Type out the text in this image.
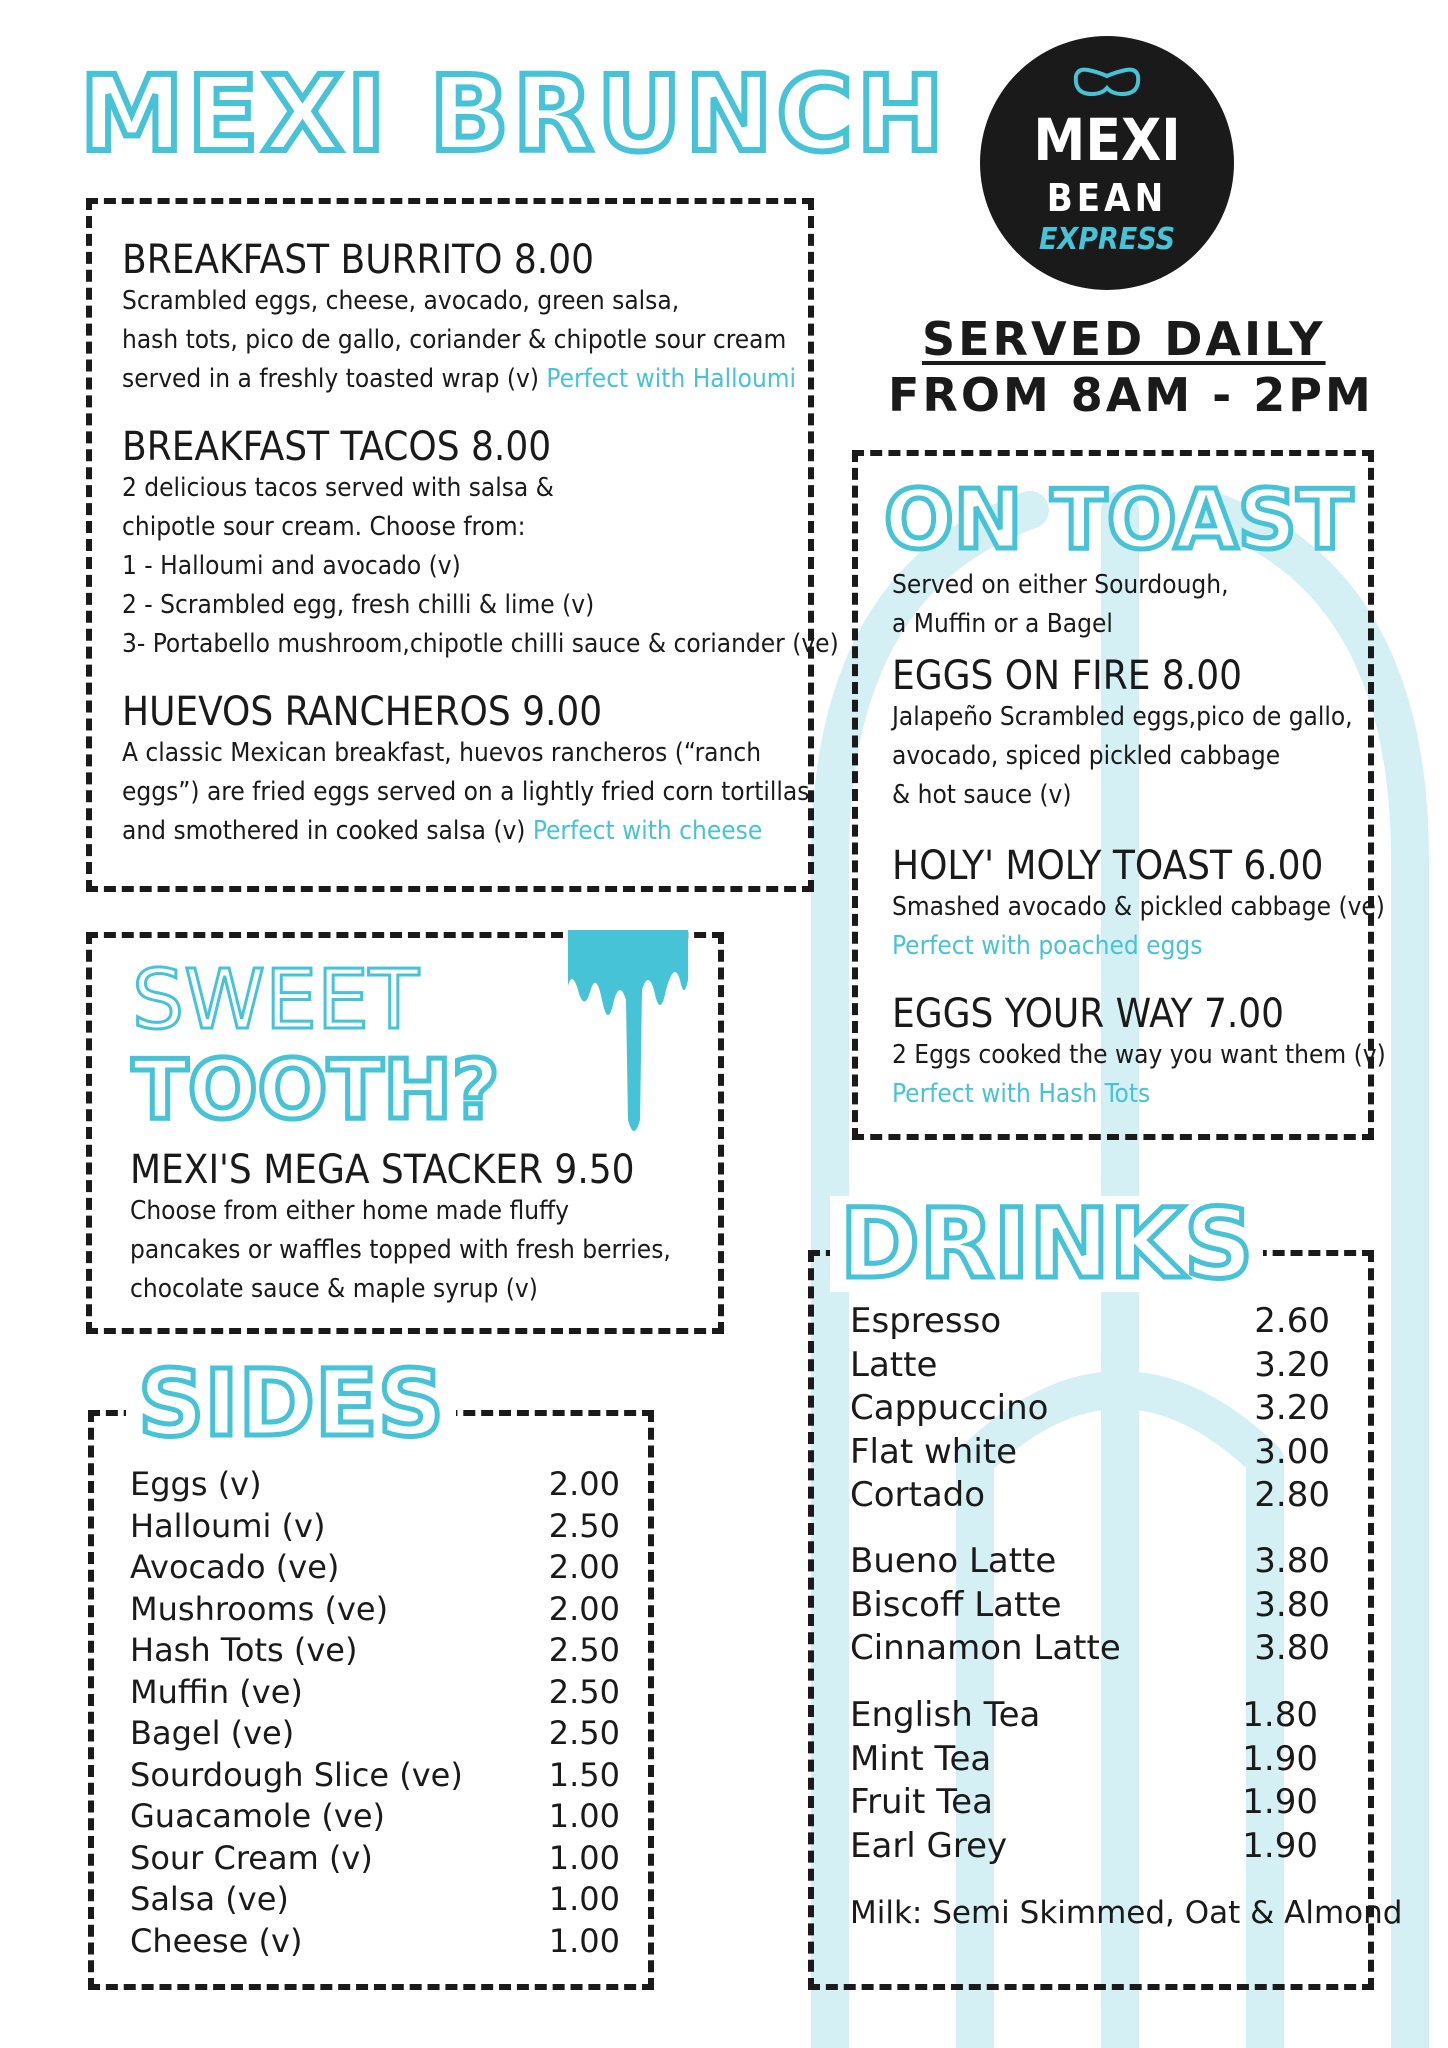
MEXI BRUNCH	MEXI
BEAN
EXPRESS
SERVED DAILY
FROM 8AM - 2PM
BREAKFAST BURRITO 8.00
Scrambled eggs, cheese, avocado, green salsa,
hash tots, pico de gallo, coriander & chipotle sour cream
served in a freshly toasted wrap (v) Perfect with Halloumi
BREAKFAST TACOS 8.00
2 delicious tacos served with salsa &
chipotle sour cream. Choose from:
1 - Halloumi and avocado (v)
2 - Scrambled egg, fresh chilli & lime (v)
3- Portabello mushroom,chipotle chilli sauce & coriander (ve)
HUEVOS RANCHEROS 9.00
A classic Mexican breakfast, huevos rancheros (“ranch
eggs”) are fried eggs served on a lightly fried corn tortillas
and smothered in cooked salsa (v) Perfect with cheese
SWEET
TOOTH?
MEXI'S MEGA STACKER 9.50
Choose from either home made fluffy
pancakes or waffles topped with fresh berries,
chocolate sauce & maple syrup (v)
SIDES
Eggs (v)	2.00
Halloumi (v)	2.50
Avocado (ve)	2.00
Mushrooms (ve)	2.00
Hash Tots (ve)	2.50
Muffin (ve)	2.50
Bagel (ve)	2.50
Sourdough Slice (ve)	1.50
Guacamole (ve)	1.00
Sour Cream (v)	1.00
Salsa (ve)	1.00
Cheese (v)	1.00
ON TOAST
Served on either Sourdough,
a Muffin or a Bagel
EGGS ON FIRE 8.00
Jalapeño Scrambled eggs,pico de gallo,
avocado, spiced pickled cabbage
& hot sauce (v)
HOLY' MOLY TOAST 6.00
Smashed avocado & pickled cabbage (ve)
Perfect with poached eggs
EGGS YOUR WAY 7.00
2 Eggs cooked the way you want them (v)
Perfect with Hash Tots
DRINKS
Espresso	2.60
Latte	3.20
Cappuccino	3.20
Flat white	3.00
Cortado	2.80
Bueno Latte	3.80
Biscoff Latte	3.80
Cinnamon Latte	3.80
English Tea	1.80
Mint Tea	1.90
Fruit Tea	1.90
Earl Grey	1.90
Milk: Semi Skimmed, Oat & Almond
